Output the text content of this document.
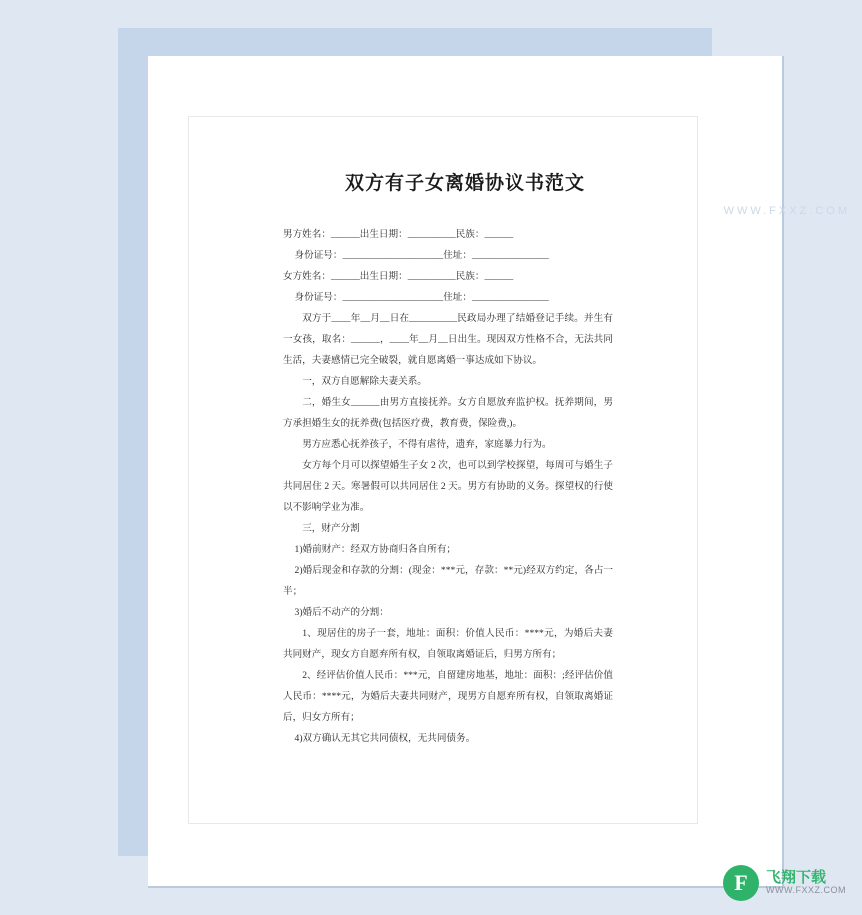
双方有子女离婚协议书范文

男方姓名：______出生日期：__________民族：______

身份证号：_____________________住址：________________

女方姓名：______出生日期：__________民族：______

身份证号：_____________________住址：________________

双方于____年__月__日在__________民政局办理了结婚登记手续。并生有一女孩，取名：______，____年__月__日出生。现因双方性格不合，无法共同生活，夫妻感情已完全破裂，就自愿离婚一事达成如下协议。

一，双方自愿解除夫妻关系。

二，婚生女______由男方直接抚养。女方自愿放弃监护权。抚养期间，男方承担婚生女的抚养费(包括医疗费，教育费，保险费,)。

男方应悉心抚养孩子，不得有虐待，遗弃，家庭暴力行为。

女方每个月可以探望婚生子女 2 次，也可以到学校探望，每周可与婚生子共同居住 2 天。寒暑假可以共同居住 2 天。男方有协助的义务。探望权的行使以不影响学业为准。

三，财产分割

1)婚前财产：经双方协商归各自所有；

2)婚后现金和存款的分割：(现金：***元，存款：**元)经双方约定，各占一半；

3)婚后不动产的分割：

1、现居住的房子一套，地址：面积：价值人民币：****元，为婚后夫妻共同财产，现女方自愿弃所有权，自领取离婚证后，归男方所有；

2、经评估价值人民币：***元，自留建房地基，地址：面积：;经评估价值人民币：****元，为婚后夫妻共同财产，现男方自愿弃所有权，自领取离婚证后，归女方所有；

4)双方确认无其它共同债权，无共同债务。

WWW.FXXZ.COM
F	飞翔下载
WWW.FXXZ.COM
